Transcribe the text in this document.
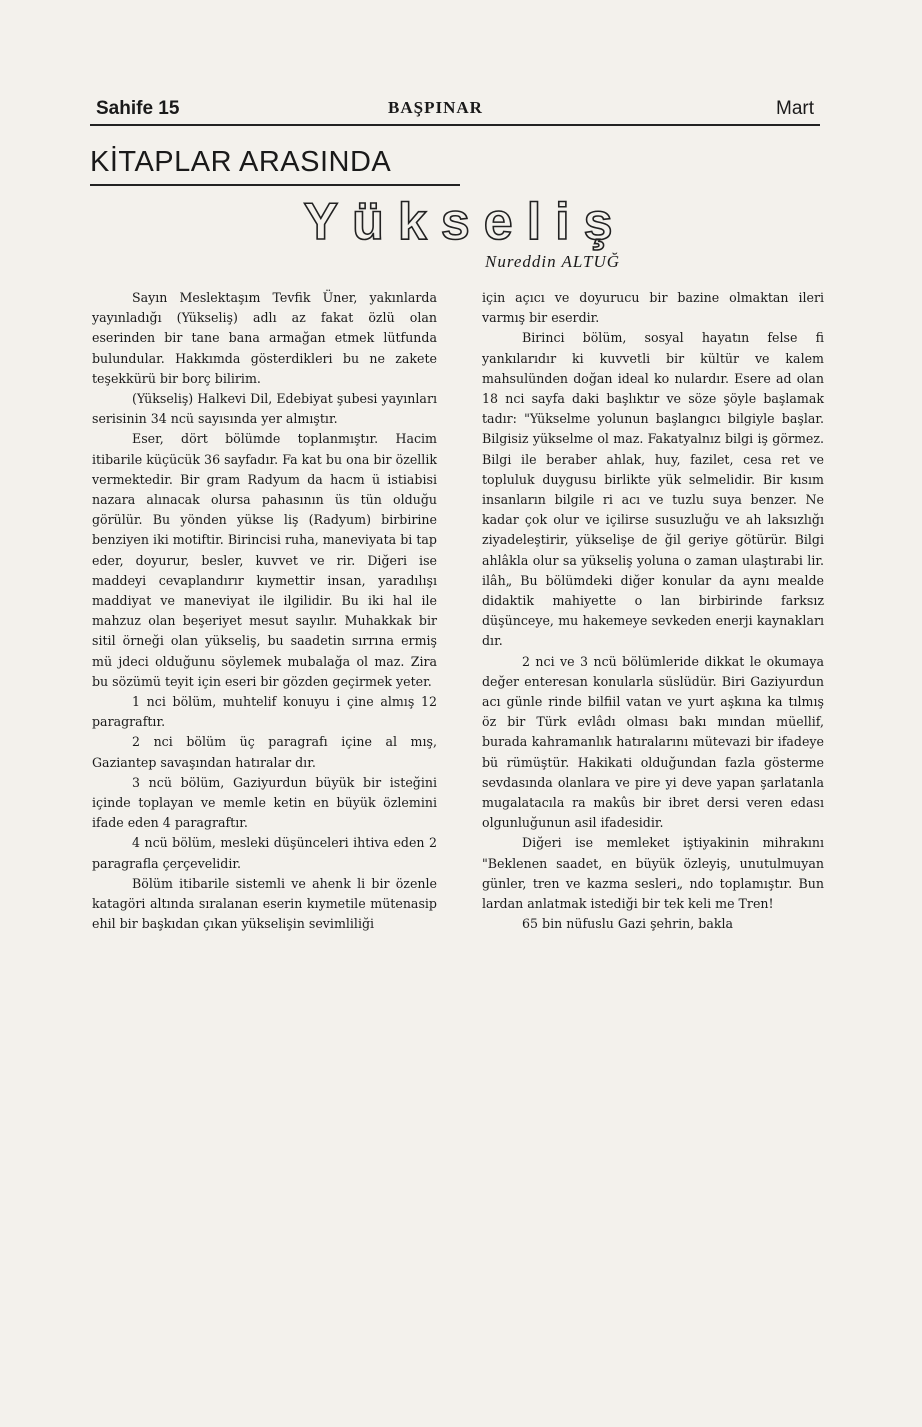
Sahife 15	BAŞPINAR	Mart
KİTAPLAR ARASINDA
Yükseliş
Nureddin ALTUĞ

Sayın Meslektaşım Tevfik Üner, yakınlarda yayınladığı (Yükseliş) adlı az fakat özlü olan eserinden bir tane bana armağan etmek lütfunda bulundular. Hakkımda gösterdikleri bu ne zakete teşekkürü bir borç bilirim.

(Yükseliş) Halkevi Dil, Edebiyat şubesi yayınları serisinin 34 ncü sayısında yer almıştır.

Eser, dört bölümde toplanmıştır. Hacim itibarile küçücük 36 sayfadır. Fa kat bu ona bir özellik vermektedir. Bir gram Radyum da hacm ü istiabisi nazara alınacak olursa pahasının üs tün olduğu görülür. Bu yönden yükse liş (Radyum) birbirine benziyen iki motiftir. Birincisi ruha, maneviyata bi tap eder, doyurur, besler, kuvvet ve rir. Diğeri ise maddeyi cevaplandırır kıymettir insan, yaradılışı maddiyat ve maneviyat ile ilgilidir. Bu iki hal ile mahzuz olan beşeriyet mesut sayılır. Muhakkak bir sitil örneği olan yükseliş, bu saadetin sırrına ermiş mü jdeci olduğunu söylemek mubalağa ol maz. Zira bu sözümü teyit için eseri bir gözden geçirmek yeter.

1 nci bölüm, muhtelif konuyu i çine almış 12 paragraftır.

2 nci bölüm üç paragrafı içine al mış, Gaziantep savaşından hatıralar dır.

3 ncü bölüm, Gaziyurdun büyük bir isteğini içinde toplayan ve memle ketin en büyük özlemini ifade eden 4 paragraftır.

4 ncü bölüm, mesleki düşünceleri ihtiva eden 2 paragrafla çerçevelidir.

Bölüm itibarile sistemli ve ahenk li bir özenle katagöri altında sıralanan eserin kıymetile mütenasip ehil bir başkıdan çıkan yükselişin sevimliliği

için açıcı ve doyurucu bir bazine olmaktan ileri varmış bir eserdir.

Birinci bölüm, sosyal hayatın felse fi yankılarıdır ki kuvvetli bir kültür ve kalem mahsulünden doğan ideal ko nulardır. Esere ad olan 18 nci sayfa daki başlıktır ve söze şöyle başlamak tadır: "Yükselme yolunun başlangıcı bilgiyle başlar. Bilgisiz yükselme ol maz. Fakatyalnız bilgi iş görmez. Bilgi ile beraber ahlak, huy, fazilet, cesa ret ve topluluk duygusu birlikte yük selmelidir. Bir kısım insanların bilgile ri acı ve tuzlu suya benzer. Ne kadar çok olur ve içilirse susuzluğu ve ah laksızlığı ziyadeleştirir, yükselişe de ğil geriye götürür. Bilgi ahlâkla olur sa yükseliş yoluna o zaman ulaştırabi lir. ilâh„ Bu bölümdeki diğer konular da aynı mealde didaktik mahiyette o lan birbirinde farksız düşünceye, mu hakemeye sevkeden enerji kaynakları dır.

2 nci ve 3 ncü bölümleride dikkat le okumaya değer enteresan konularla süslüdür. Biri Gaziyurdun acı günle rinde bilfiil vatan ve yurt aşkına ka tılmış öz bir Türk evlâdı olması bakı mından müellif, burada kahramanlık hatıralarını mütevazi bir ifadeye bü rümüştür. Hakikati olduğundan fazla gösterme sevdasında olanlara ve pire yi deve yapan şarlatanla mugalatacıla ra makûs bir ibret dersi veren edası olgunluğunun asil ifadesidir.

Diğeri ise memleket iştiyakinin mihrakını "Beklenen saadet, en büyük özleyiş, unutulmuyan günler, tren ve kazma sesleri„ ndo toplamıştır. Bun lardan anlatmak istediği bir tek keli me Tren!

65 bin nüfuslu Gazi şehrin, bakla
